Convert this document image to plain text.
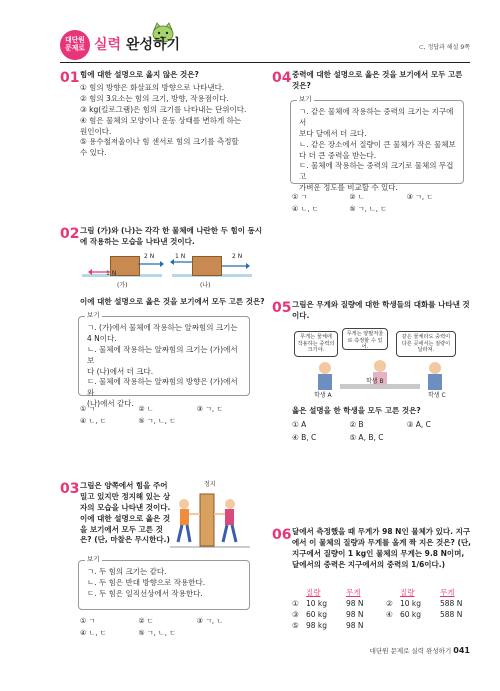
대단원
문제로 실력 완성하기	⊂, 정답과 해설 9쪽
01 힘에 대한 설명으로 옳지 않은 것은?
① 힘의 방향은 화살표의 방향으로 나타낸다.
② 힘의 3요소는 힘의 크기, 방향, 작용점이다.
③ kg(킬로그램)은 힘의 크기를 나타내는 단위이다.
④ 힘은 물체의 모양이나 운동 상태를 변하게 하는
원인이다.
⑤ 용수철저울이나 힘 센서로 힘의 크기를 측정할
수 있다.
02 그림 (가)와 (나)는 각각 한 물체에 나란한 두 힘이 동시
에 작용하는 모습을 나타낸 것이다.
2 N
1 N
(가)
1 N	2 N
(나)
이에 대한 설명으로 옳은 것을 보기에서 모두 고른 것은?
보기
ㄱ. (가)에서 물체에 작용하는 알짜힘의 크기는
4 N이다.
ㄴ. 물체에 작용하는 알짜힘의 크기는 (가)에서보
다 (나)에서 더 크다.
ㄷ. 물체에 작용하는 알짜힘의 방향은 (가)에서와
(나)에서 같다.
① ㄱ	② ㄴ	③ ㄱ, ㄷ
④ ㄴ, ㄷ	⑤ ㄱ, ㄴ, ㄷ
03 그림은 양쪽에서 힘을 주어
밀고 있지만 정지해 있는 상
자의 모습을 나타낸 것이다.
이에 대한 설명으로 옳은 것
을 보기에서 모두 고른 것
은? (단, 마찰은 무시한다.)
정지
보기
ㄱ. 두 힘의 크기는 같다.
ㄴ. 두 힘은 반대 방향으로 작용한다.
ㄷ. 두 힘은 일직선상에서 작용한다.
① ㄱ	② ㄷ	③ ㄱ, ㄴ
④ ㄴ, ㄷ	⑤ ㄱ, ㄴ, ㄷ
04 중력에 대한 설명으로 옳은 것을 보기에서 모두 고른
것은?
보기
ㄱ. 같은 물체에 작용하는 중력의 크기는 지구에서
보다 달에서 더 크다.
ㄴ. 같은 장소에서 질량이 큰 물체가 작은 물체보
다 더 큰 중력을 받는다.
ㄷ. 물체에 작용하는 중력의 크기로 물체의 무겁고
가벼운 정도를 비교할 수 있다.
① ㄱ	② ㄴ	③ ㄱ, ㄷ
④ ㄴ, ㄷ	⑤ ㄱ, ㄴ, ㄷ
05 그림은 무게와 질량에 대한 학생들의 대화를 나타낸 것
이다.
무게는 물체에 작용하는 중력의 크기야.
무게는 양팔저울로 측정할 수 있어.
같은 물체라도 중력이 다른 곳에서는 질량이 달라져.
학생 A
학생 B
학생 C
옳은 설명을 한 학생을 모두 고른 것은?
① A	② B	③ A, C
④ B, C	⑤ A, B, C
06 달에서 측정했을 때 무게가 98 N인 물체가 있다. 지구
에서 이 물체의 질량과 무게를 올게 짝 지은 것은? (단,
지구에서 질량이 1 kg인 물체의 무게는 9.8 N이며,
달에서의 중력은 지구에서의 중력의 1/6이다.)
질량	무게	질량	무게
① 10 kg	98 N	② 10 kg	588 N
③ 60 kg	98 N	④ 60 kg	588 N
⑤ 98 kg	98 N
대단원 문제로 실력 완성하기 041
